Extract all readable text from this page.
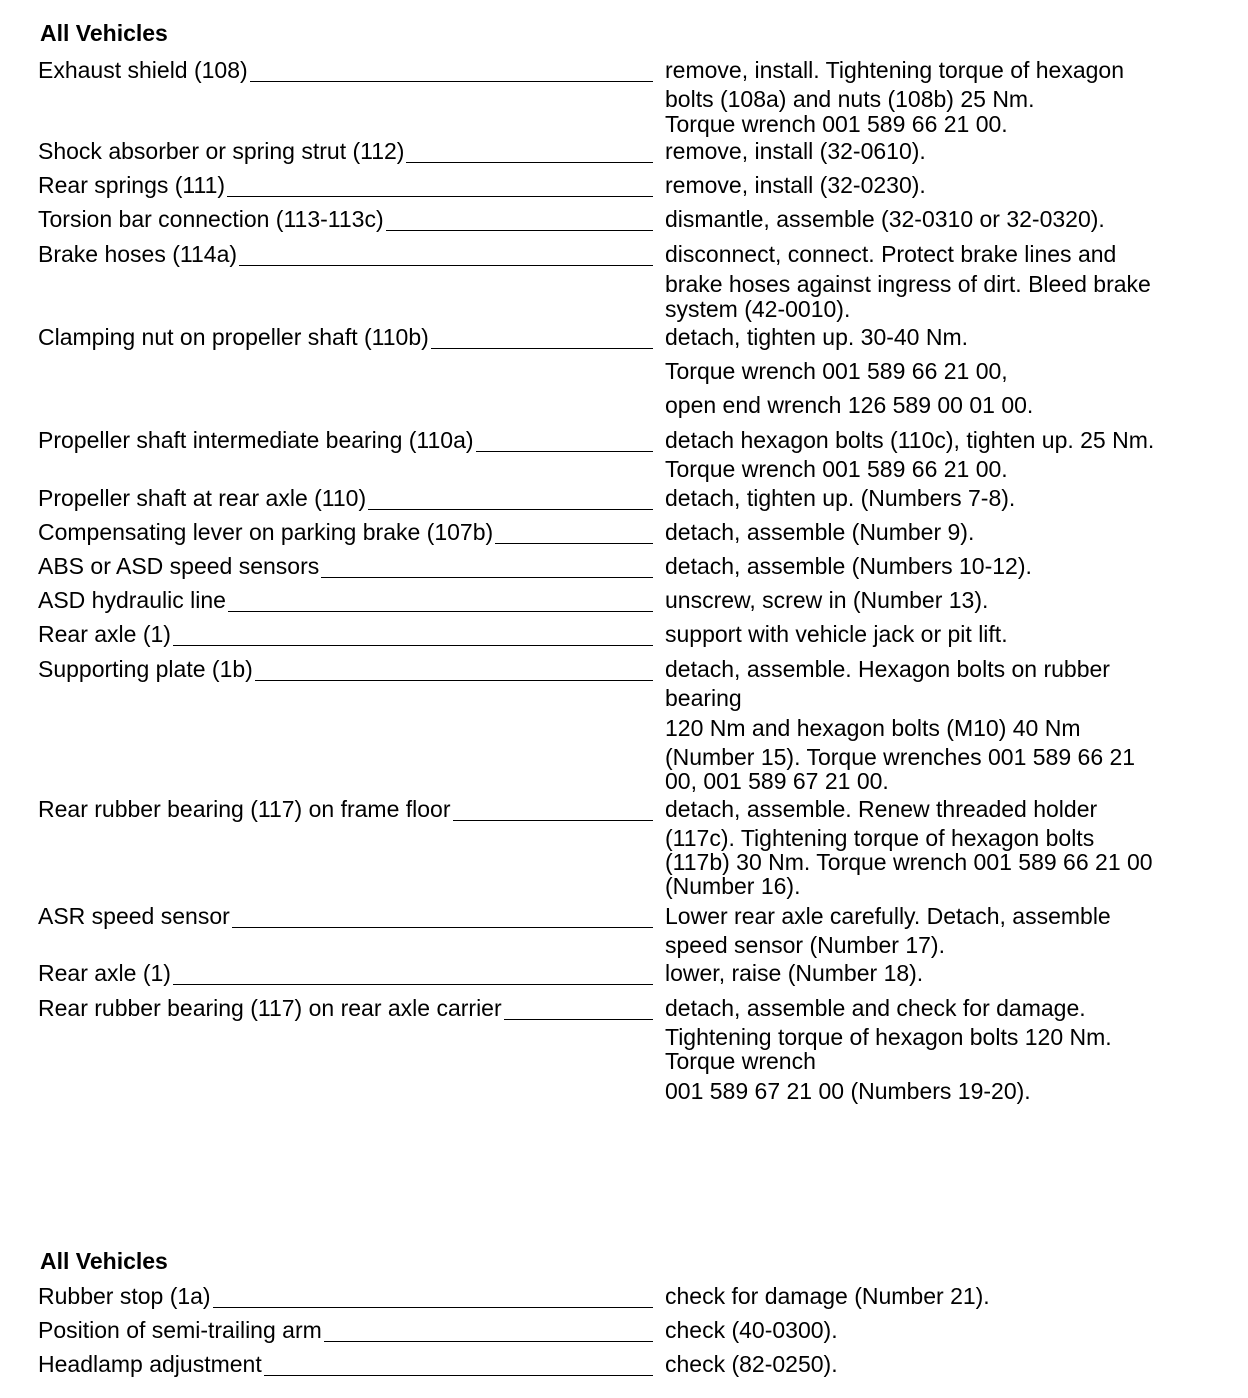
All Vehicles
All Vehicles
Exhaust shield (108)	remove, install. Tightening torque of hexagon
bolts (108a) and nuts (108b) 25 Nm.
Torque wrench 001 589 66 21 00.
Shock absorber or spring strut (112)	remove, install (32-0610).
Rear springs (111)	remove, install (32-0230).
Torsion bar connection (113-113c)	dismantle, assemble (32-0310 or 32-0320).
Brake hoses (114a)	disconnect, connect. Protect brake lines and
brake hoses against ingress of dirt. Bleed brake
system (42-0010).
Clamping nut on propeller shaft (110b)	detach, tighten up. 30-40 Nm.
Torque wrench 001 589 66 21 00,
open end wrench 126 589 00 01 00.
Propeller shaft intermediate bearing (110a)	detach hexagon bolts (110c), tighten up. 25 Nm.
Torque wrench 001 589 66 21 00.
Propeller shaft at rear axle (110)	detach, tighten up. (Numbers 7-8).
Compensating lever on parking brake (107b)	detach, assemble (Number 9).
ABS or ASD speed sensors	detach, assemble (Numbers 10-12).
ASD hydraulic line	unscrew, screw in (Number 13).
Rear axle (1)	support with vehicle jack or pit lift.
Supporting plate (1b)	detach, assemble. Hexagon bolts on rubber
bearing
120 Nm and hexagon bolts (M10) 40 Nm
(Number 15). Torque wrenches 001 589 66 21
00, 001 589 67 21 00.
Rear rubber bearing (117) on frame floor	detach, assemble. Renew threaded holder
(117c). Tightening torque of hexagon bolts
(117b) 30 Nm. Torque wrench 001 589 66 21 00
(Number 16).
ASR speed sensor	Lower rear axle carefully. Detach, assemble
speed sensor (Number 17).
Rear axle (1)	lower, raise (Number 18).
Rear rubber bearing (117) on rear axle carrier	detach, assemble and check for damage.
Tightening torque of hexagon bolts 120 Nm.
Torque wrench
001 589 67 21 00 (Numbers 19-20).
Rubber stop (1a)	check for damage (Number 21).
Position of semi-trailing arm	check (40-0300).
Headlamp adjustment	check (82-0250).
